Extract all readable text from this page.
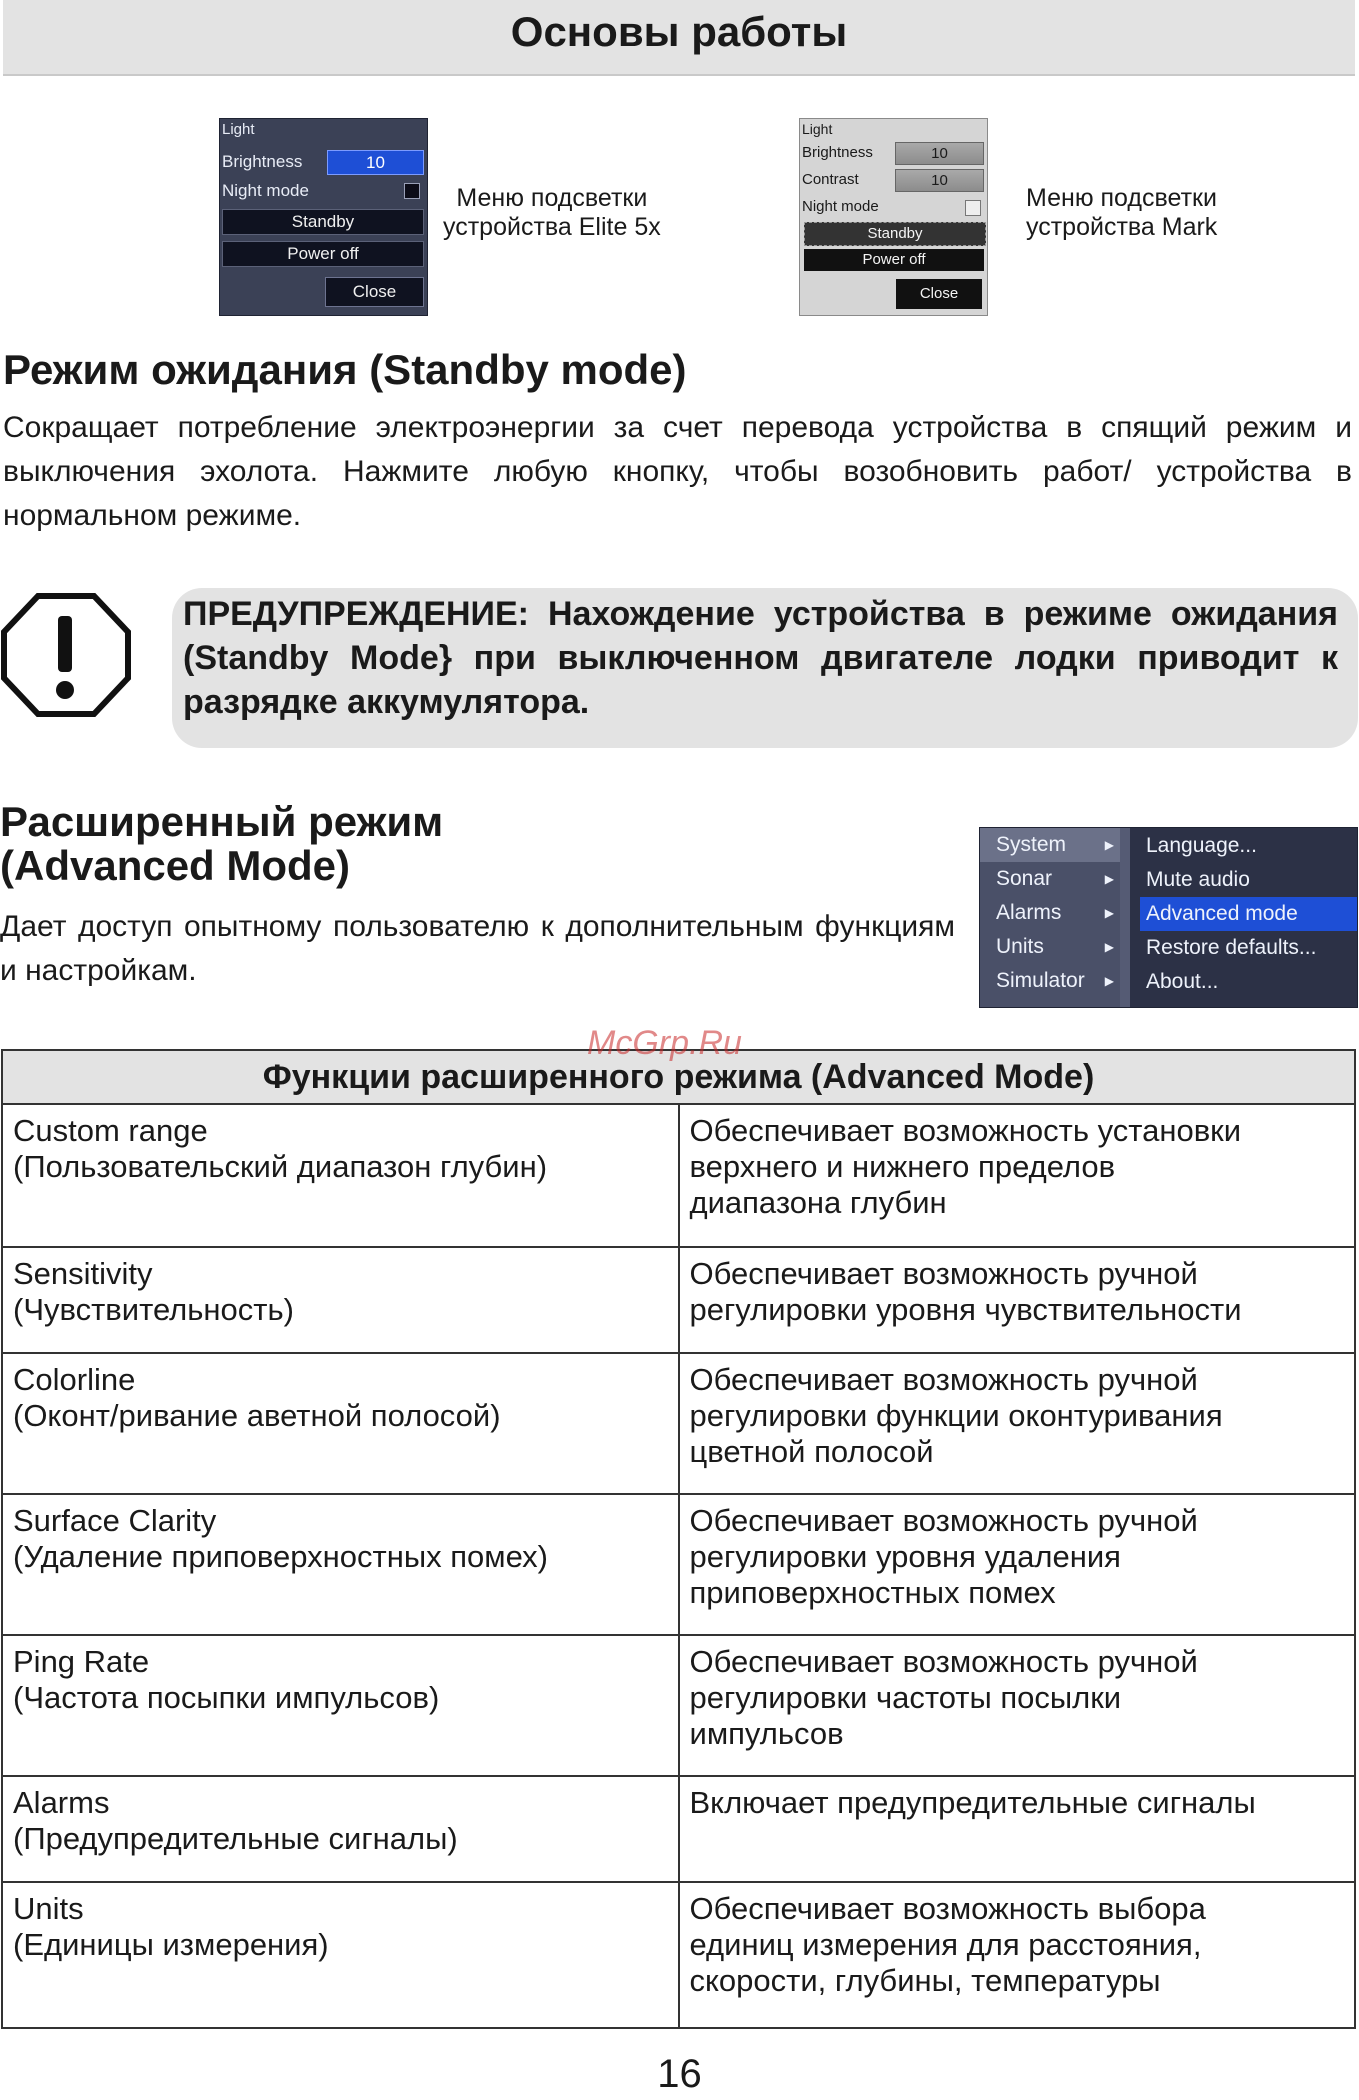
Основы работы
Light
Brightness	10
Night mode
Standby
Power off
Close
Меню подсветки
устройства Elite 5x
Light
Brightness	10
Contrast	10
Night mode
Standby
Power off
Close
Меню подсветки
устройства Mark
Режим ожидания (Standby mode)
Сокращает потребление электроэнергии за счет перевода устройства в спящий режим и выключения эхолота. Нажмите любую кнопку, чтобы возобновить работ/ устройства в нормальном режиме.
ПРЕДУПРЕЖДЕНИЕ: Нахождение устройства в режиме ожидания (Standby Mode} при выключенном двигателе лодки приводит к разрядке аккумулятора.
Расширенный режим
(Advanced Mode)
Дает доступ опытному пользователю к дополнительным функциям и настройкам.
System	▶
Sonar	▶
Alarms	▶
Units	▶
Simulator ▶
Language...
Mute audio
Advanced mode
Restore defaults...
About...
Функции расширенного режима (Advanced Mode)	
Custom range
(Пользовательский диапазон глубин)	Обеспечивает возможность установки
верхнего и нижнего пределов
диапазона глубин
Sensitivity
(Чувствительность)	Обеспечивает возможность ручной
регулировки уровня чувствительности
Colorline
(Оконт/ривание аветной полосой)	Обеспечивает возможность ручной
регулировки функции оконтуривания
цветной полосой
Surface Clarity
(Удаление приповерхностных помех)	Обеспечивает возможность ручной
регулировки уровня удаления
приповерхностных помех
Ping Rate
(Частота посыпки импульсов)	Обеспечивает возможность ручной
регулировки частоты посылки
импульсов
Alarms
(Предупредительные сигналы)	Включает предупредительные сигналы
Units
(Единицы измерения)	Обеспечивает возможность выбора
единиц измерения для расстояния,
скорости, глубины, температуры
McGrp.Ru
16
